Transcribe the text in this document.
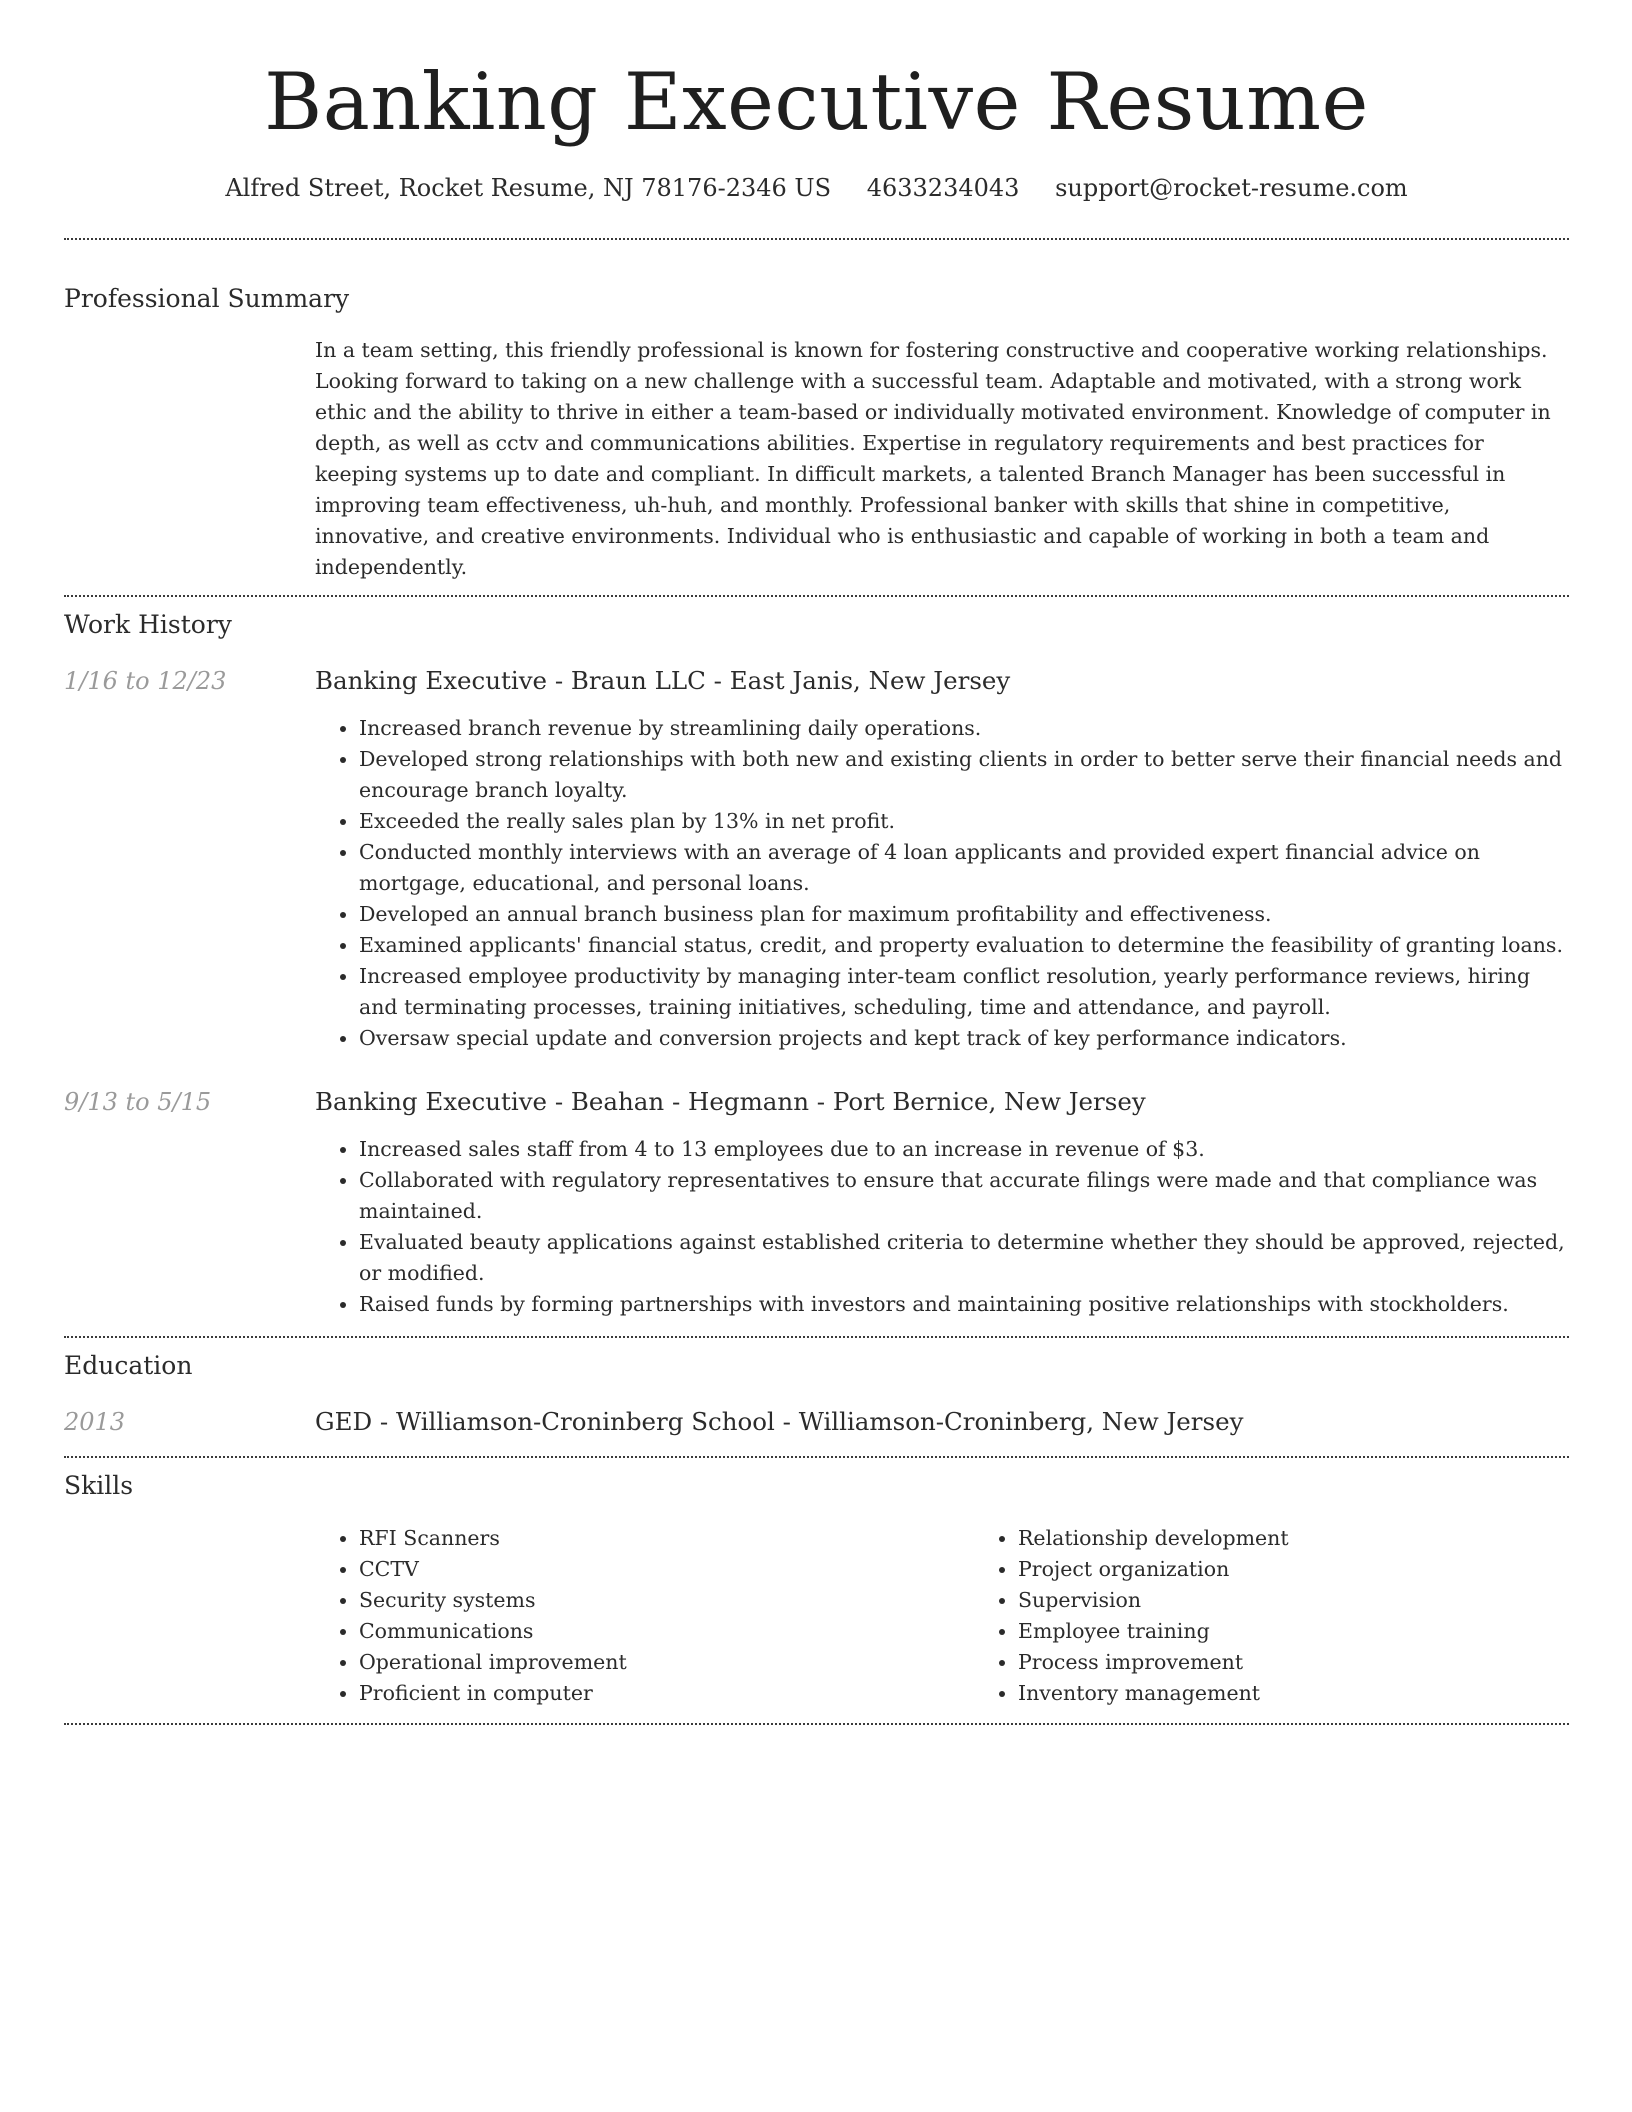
Banking Executive Resume
Alfred Street, Rocket Resume, NJ 78176-2346 US 4633234043 support@rocket-resume.com
Professional Summary

In a team setting, this friendly professional is known for fostering constructive and cooperative working relationships. Looking forward to taking on a new challenge with a successful team. Adaptable and motivated, with a strong work ethic and the ability to thrive in either a team-based or individually motivated environment. Knowledge of computer in depth, as well as cctv and communications abilities. Expertise in regulatory requirements and best practices for keeping systems up to date and compliant. In difficult markets, a talented Branch Manager has been successful in improving team effectiveness, uh-huh, and monthly. Professional banker with skills that shine in competitive, innovative, and creative environments. Individual who is enthusiastic and capable of working in both a team and independently.

Work History
1/16 to 12/23	Banking Executive - Braun LLC - East Janis, New Jersey
• Increased branch revenue by streamlining daily operations.
• Developed strong relationships with both new and existing clients in order to better serve their financial needs and encourage branch loyalty.
• Exceeded the really sales plan by 13% in net profit.
• Conducted monthly interviews with an average of 4 loan applicants and provided expert financial advice on mortgage, educational, and personal loans.
• Developed an annual branch business plan for maximum profitability and effectiveness.
• Examined applicants' financial status, credit, and property evaluation to determine the feasibility of granting loans.
• Increased employee productivity by managing inter-team conflict resolution, yearly performance reviews, hiring and terminating processes, training initiatives, scheduling, time and attendance, and payroll.
• Oversaw special update and conversion projects and kept track of key performance indicators.
9/13 to 5/15	Banking Executive - Beahan - Hegmann - Port Bernice, New Jersey
• Increased sales staff from 4 to 13 employees due to an increase in revenue of $3.
• Collaborated with regulatory representatives to ensure that accurate filings were made and that compliance was maintained.
• Evaluated beauty applications against established criteria to determine whether they should be approved, rejected, or modified.
• Raised funds by forming partnerships with investors and maintaining positive relationships with stockholders.
Education
2013	GED - Williamson-Croninberg School - Williamson-Croninberg, New Jersey
Skills
• RFI Scanners
• CCTV
• Security systems
• Communications
• Operational improvement
• Proficient in computer
• Relationship development
• Project organization
• Supervision
• Employee training
• Process improvement
• Inventory management
